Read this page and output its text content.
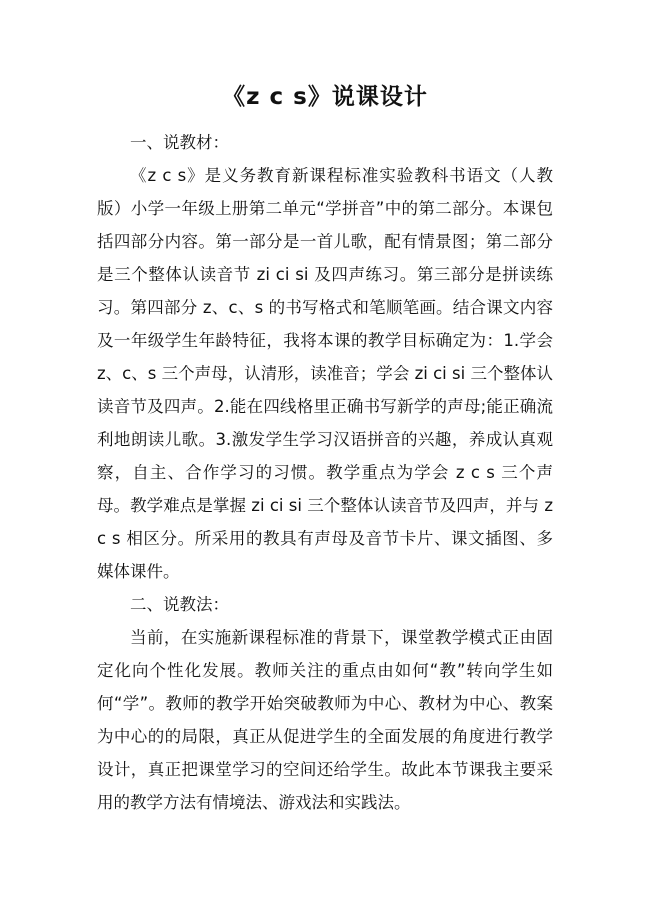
《z c s》说课设计

一、说教材：

《z c s》是义务教育新课程标准实验教科书语文（人教版）小学一年级上册第二单元“学拼音”中的第二部分。本课包括四部分内容。第一部分是一首儿歌，配有情景图；第二部分是三个整体认读音节 zi ci si 及四声练习。第三部分是拼读练习。第四部分 z、c、s 的书写格式和笔顺笔画。结合课文内容及一年级学生年龄特征，我将本课的教学目标确定为：1.学会 z、c、s 三个声母，认清形，读准音；学会 zi ci si 三个整体认读音节及四声。2.能在四线格里正确书写新学的声母;能正确流利地朗读儿歌。3.激发学生学习汉语拼音的兴趣，养成认真观察，自主、合作学习的习惯。教学重点为学会 z c s 三个声母。教学难点是掌握 zi ci si 三个整体认读音节及四声，并与 z c s 相区分。所采用的教具有声母及音节卡片、课文插图、多媒体课件。

二、说教法：

当前，在实施新课程标准的背景下，课堂教学模式正由固定化向个性化发展。教师关注的重点由如何“教”转向学生如何“学”。教师的教学开始突破教师为中心、教材为中心、教案为中心的的局限，真正从促进学生的全面发展的角度进行教学设计，真正把课堂学习的空间还给学生。故此本节课我主要采用的教学方法有情境法、游戏法和实践法。
